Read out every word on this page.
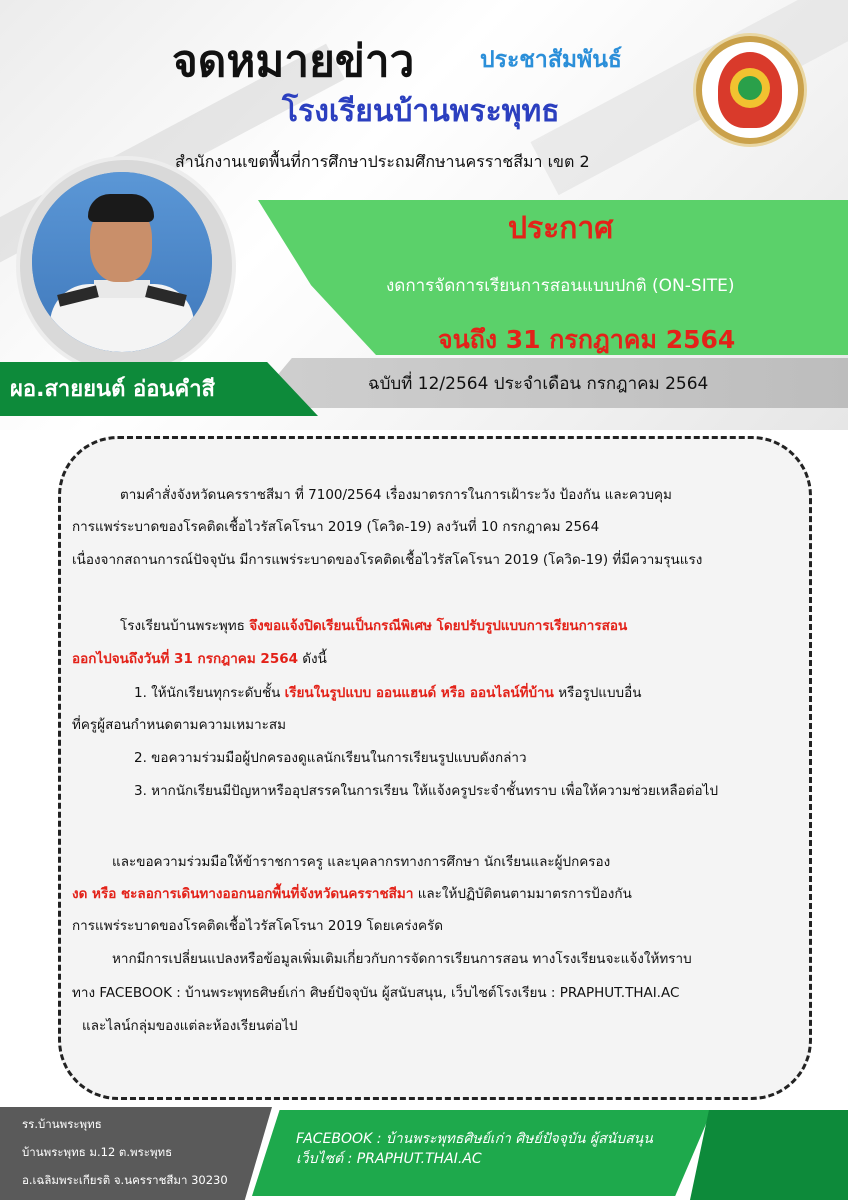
จดหมายข่าว	ประชาสัมพันธ์
โรงเรียนบ้านพระพุทธ
สำนักงานเขตพื้นที่การศึกษาประถมศึกษานครราชสีมา เขต 2
ประกาศ
งดการจัดการเรียนการสอนแบบปกติ (ON-SITE)
จนถึง 31 กรกฎาคม 2564
ฉบับที่ 12/2564 ประจำเดือน กรกฎาคม 2564
ผอ.สายยนต์ อ่อนคำสี
ตามคำสั่งจังหวัดนครราชสีมา ที่ 7100/2564 เรื่องมาตรการในการเฝ้าระวัง ป้องกัน และควบคุม
การแพร่ระบาดของโรคติดเชื้อไวรัสโคโรนา 2019 (โควิด-19) ลงวันที่ 10 กรกฎาคม 2564
เนื่องจากสถานการณ์ปัจจุบัน มีการแพร่ระบาดของโรคติดเชื้อไวรัสโคโรนา 2019 (โควิด-19) ที่มีความรุนแรง
โรงเรียนบ้านพระพุทธ จึงขอแจ้งปิดเรียนเป็นกรณีพิเศษ โดยปรับรูปแบบการเรียนการสอน
ออกไปจนถึงวันที่ 31 กรกฎาคม 2564 ดังนี้
1. ให้นักเรียนทุกระดับชั้น เรียนในรูปแบบ ออนแฮนด์ หรือ ออนไลน์ที่บ้าน หรือรูปแบบอื่น
ที่ครูผู้สอนกำหนดตามความเหมาะสม
2. ขอความร่วมมือผู้ปกครองดูแลนักเรียนในการเรียนรูปแบบดังกล่าว
3. หากนักเรียนมีปัญหาหรืออุปสรรคในการเรียน ให้แจ้งครูประจำชั้นทราบ เพื่อให้ความช่วยเหลือต่อไป
และขอความร่วมมือให้ข้าราชการครู และบุคลากรทางการศึกษา นักเรียนและผู้ปกครอง
งด หรือ ชะลอการเดินทางออกนอกพื้นที่จังหวัดนครราชสีมา และให้ปฏิบัติตนตามมาตรการป้องกัน
การแพร่ระบาดของโรคติดเชื้อไวรัสโคโรนา 2019 โดยเคร่งครัด
หากมีการเปลี่ยนแปลงหรือข้อมูลเพิ่มเติมเกี่ยวกับการจัดการเรียนการสอน ทางโรงเรียนจะแจ้งให้ทราบ
ทาง FACEBOOK : บ้านพระพุทธศิษย์เก่า ศิษย์ปัจจุบัน ผู้สนับสนุน, เว็บไซต์โรงเรียน : PRAPHUT.THAI.AC
และไลน์กลุ่มของแต่ละห้องเรียนต่อไป
รร.บ้านพระพุทธ
บ้านพระพุทธ ม.12 ต.พระพุทธ
อ.เฉลิมพระเกียรติ จ.นครราชสีมา 30230
FACEBOOK : บ้านพระพุทธศิษย์เก่า ศิษย์ปัจจุบัน ผู้สนับสนุน
เว็บไซต์ : PRAPHUT.THAI.AC
